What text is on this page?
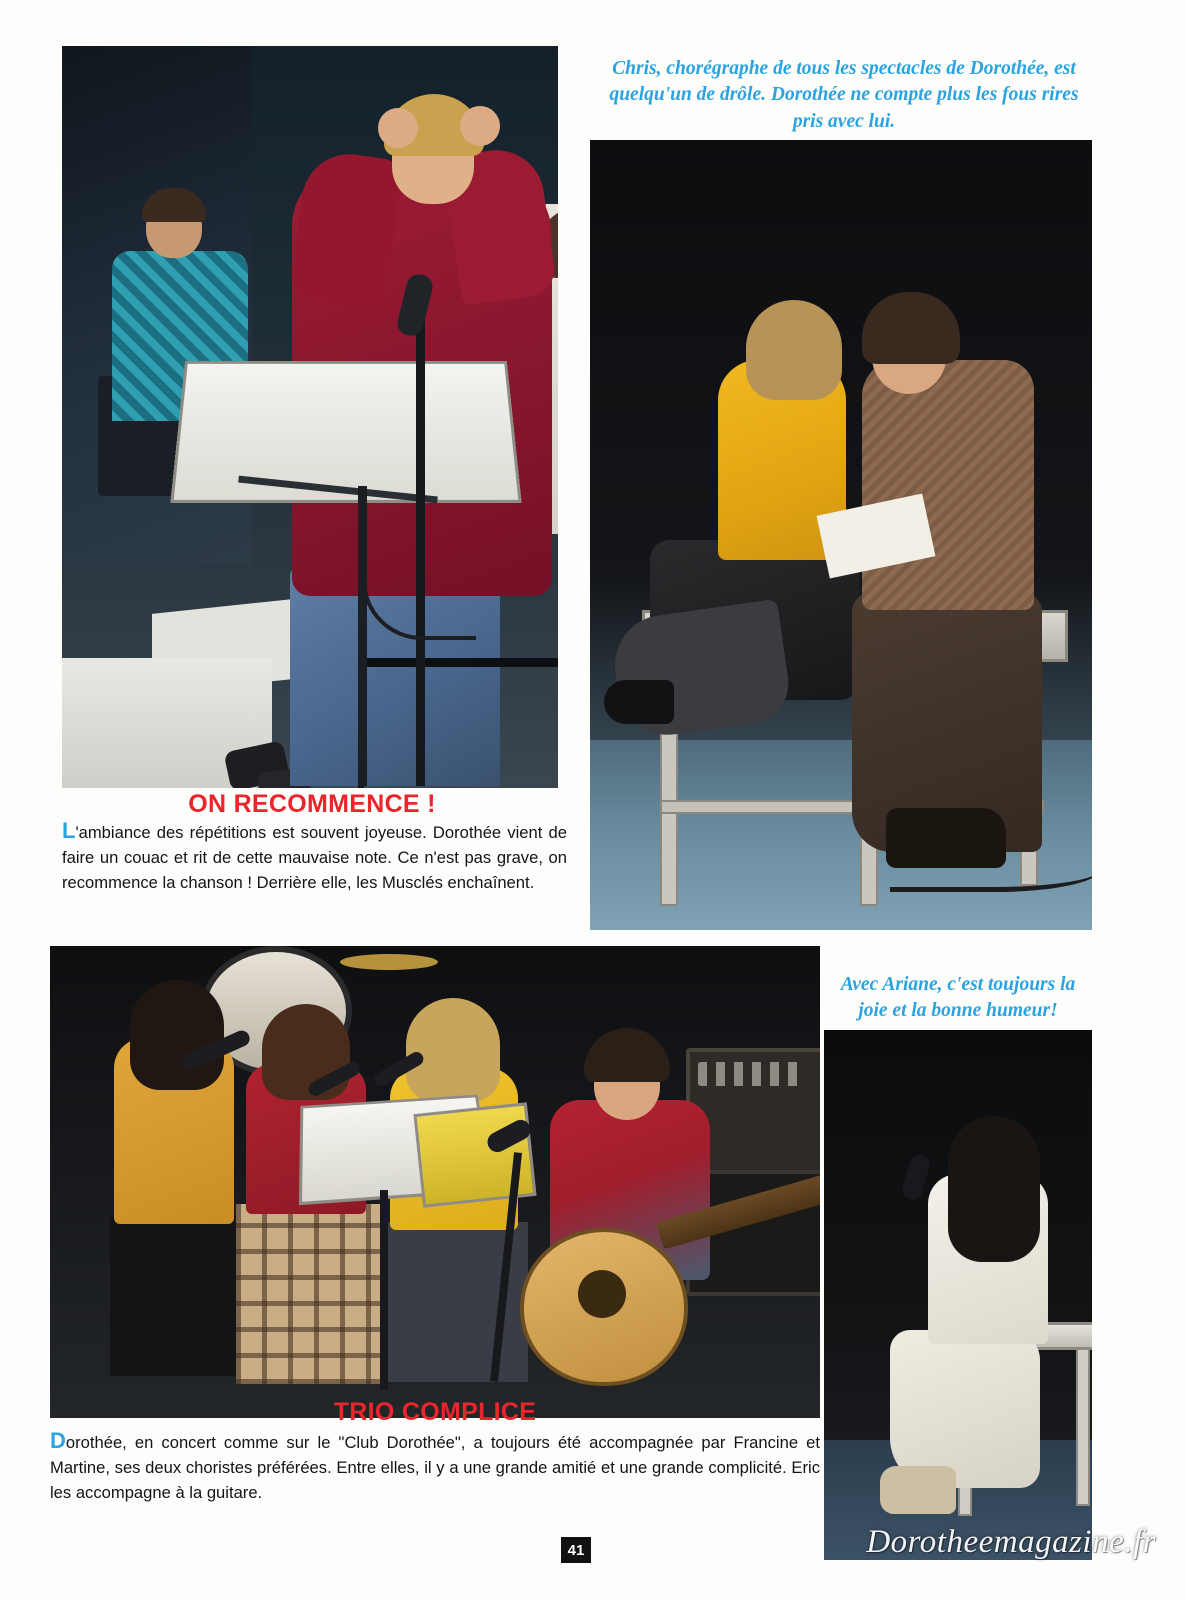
Chris, chorégraphe de tous les spectacles de Dorothée, est quelqu'un de drôle. Dorothée ne compte plus les fous rires pris avec lui.
ON RECOMMENCE !
L'ambiance des répétitions est souvent joyeuse. Dorothée vient de faire un couac et rit de cette mauvaise note. Ce n'est pas grave, on recommence la chanson ! Derrière elle, les Musclés enchaînent.
Avec Ariane, c'est toujours la joie et la bonne humeur!
TRIO COMPLICE
Dorothée, en concert comme sur le "Club Dorothée", a toujours été accompagnée par Francine et Martine, ses deux choristes préférées. Entre elles, il y a une grande amitié et une grande complicité. Eric les accompagne à la guitare.
41	Dorotheemagazine.fr
